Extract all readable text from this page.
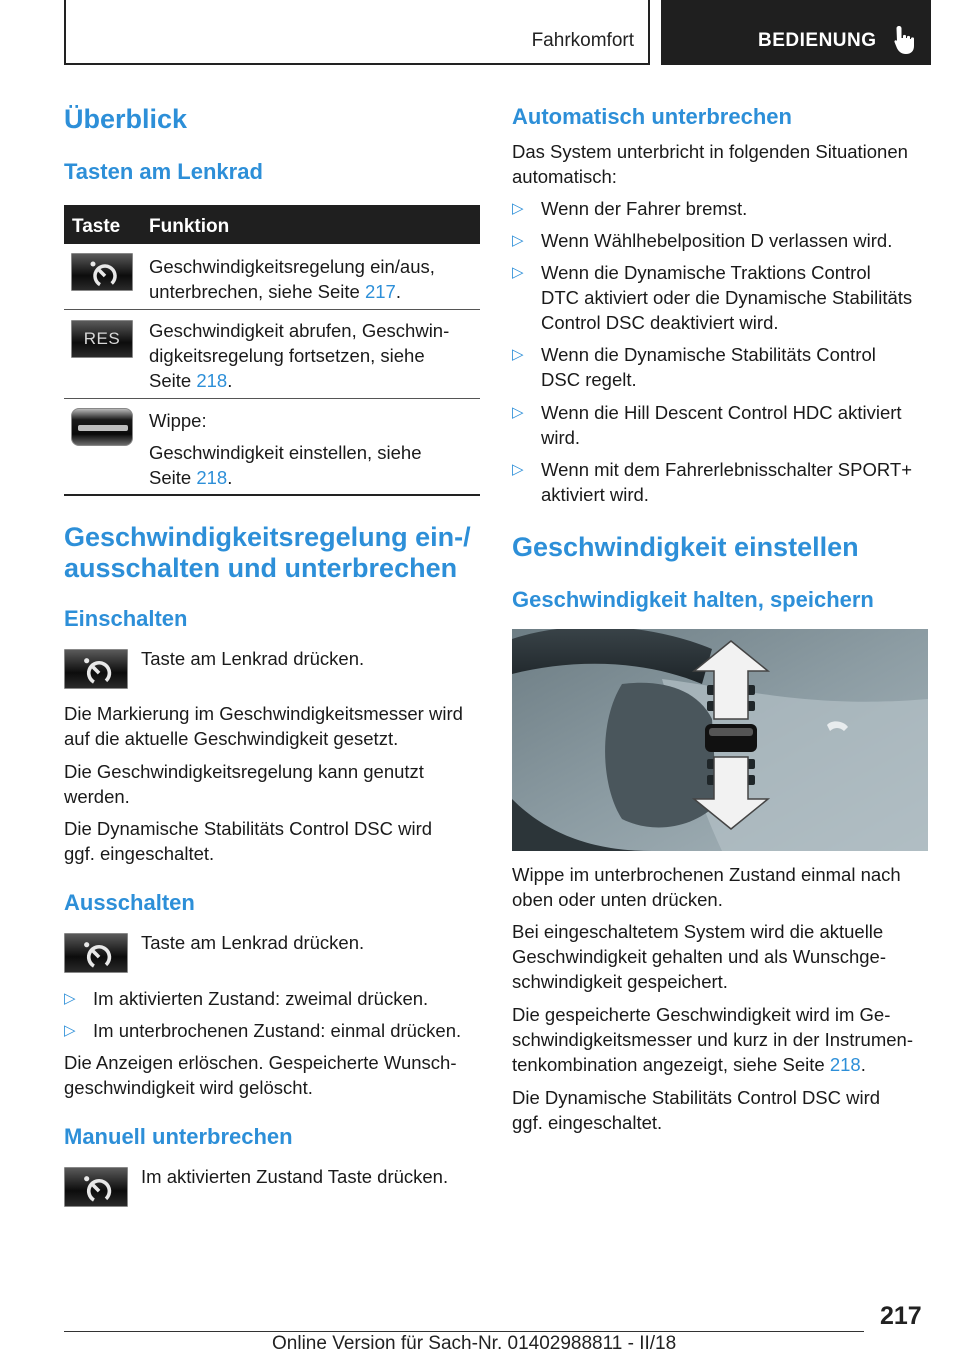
Fahrkomfort	BEDIENUNG
Überblick
Tasten am Lenkrad
Taste Funktion
Geschwindigkeitsregelung ein/aus,
unterbrechen, siehe Seite 217.
RES	Geschwindigkeit abrufen, Geschwin-
digkeitsregelung fortsetzen, siehe
Seite 218.
Wippe:
Geschwindigkeit einstellen, siehe
Seite 218.
Geschwindigkeitsregelung ein-/
ausschalten und unterbrechen
Einschalten
Taste am Lenkrad drücken.
Die Markierung im Geschwindigkeitsmesser wird
auf die aktuelle Geschwindigkeit gesetzt.
Die Geschwindigkeitsregelung kann genutzt
werden.
Die Dynamische Stabilitäts Control DSC wird
ggf. eingeschaltet.
Ausschalten
Taste am Lenkrad drücken.
▷ Im aktivierten Zustand: zweimal drücken.
▷ Im unterbrochenen Zustand: einmal drücken.
Die Anzeigen erlöschen. Gespeicherte Wunsch-
geschwindigkeit wird gelöscht.
Manuell unterbrechen
Im aktivierten Zustand Taste drücken.
Automatisch unterbrechen
Das System unterbricht in folgenden Situationen
automatisch:
▷ Wenn der Fahrer bremst.
▷ Wenn Wählhebelposition D verlassen wird.
▷ Wenn die Dynamische Traktions Control
DTC aktiviert oder die Dynamische Stabilitäts
Control DSC deaktiviert wird.
▷ Wenn die Dynamische Stabilitäts Control
DSC regelt.
▷ Wenn die Hill Descent Control HDC aktiviert
wird.
▷ Wenn mit dem Fahrerlebnisschalter SPORT+
aktiviert wird.
Geschwindigkeit einstellen
Geschwindigkeit halten, speichern
Wippe im unterbrochenen Zustand einmal nach
oben oder unten drücken.
Bei eingeschaltetem System wird die aktuelle
Geschwindigkeit gehalten und als Wunschge-
schwindigkeit gespeichert.
Die gespeicherte Geschwindigkeit wird im Ge-
schwindigkeitsmesser und kurz in der Instrumen-
tenkombination angezeigt, siehe Seite 218.
Die Dynamische Stabilitäts Control DSC wird
ggf. eingeschaltet.
217
Online Version für Sach-Nr. 01402988811 - II/18
